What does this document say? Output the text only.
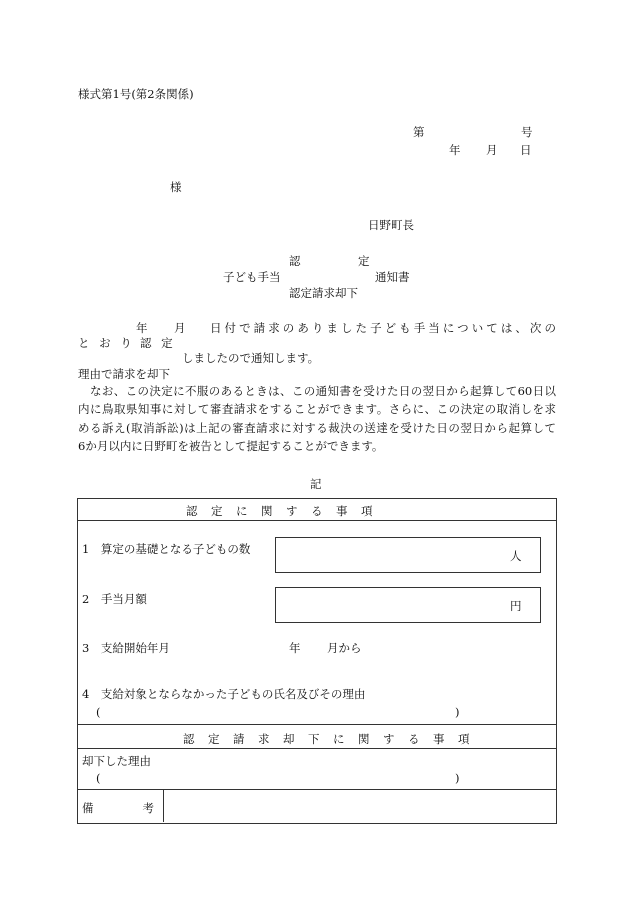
様式第1号(第2条関係)
第	号
年 月 日
様
日野町長
認　　　　　定
子ども手当	通知書
認定請求却下
年 月 日付で請求のありました子ども手当については、次の
と お り 認 定
しましたので通知します。
理由で請求を却下
なお、この決定に不服のあるときは、この通知書を受けた日の翌日から起算して60日以
内に鳥取県知事に対して審査請求をすることができます。さらに、この決定の取消しを求
める訴え(取消訴訟)は上記の審査請求に対する裁決の送達を受けた日の翌日から起算して
6か月以内に日野町を被告として提起することができます。
記
認　定　に　関　す　る　事　項
1　算定の基礎となる子どもの数	人
2　手当月額	円
3　支給開始年月	年 月から
4　支給対象とならなかった子どもの氏名及びその理由
(	)
認　定　請　求　却　下　に　関　す　る　事　項
却下した理由
(	)
備考
